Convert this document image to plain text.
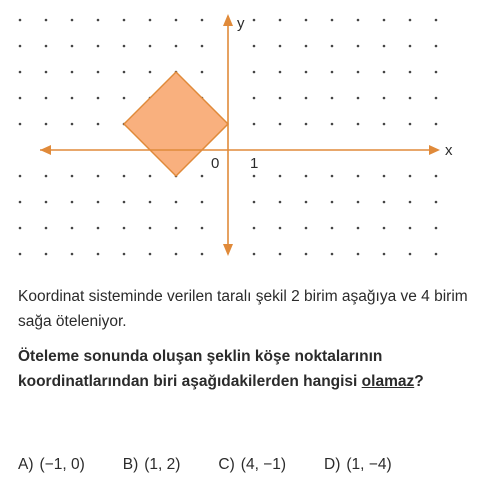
x
y
0 1
Koordinat sisteminde verilen taralı şekil 2 birim aşağıya ve 4 birim sağa öteleniyor.
Öteleme sonunda oluşan şeklin köşe noktalarının koordinatlarından biri aşağıdakilerden hangisi olamaz?
A) (−1, 0) B) (1, 2) C) (4, −1) D) (1, −4)
